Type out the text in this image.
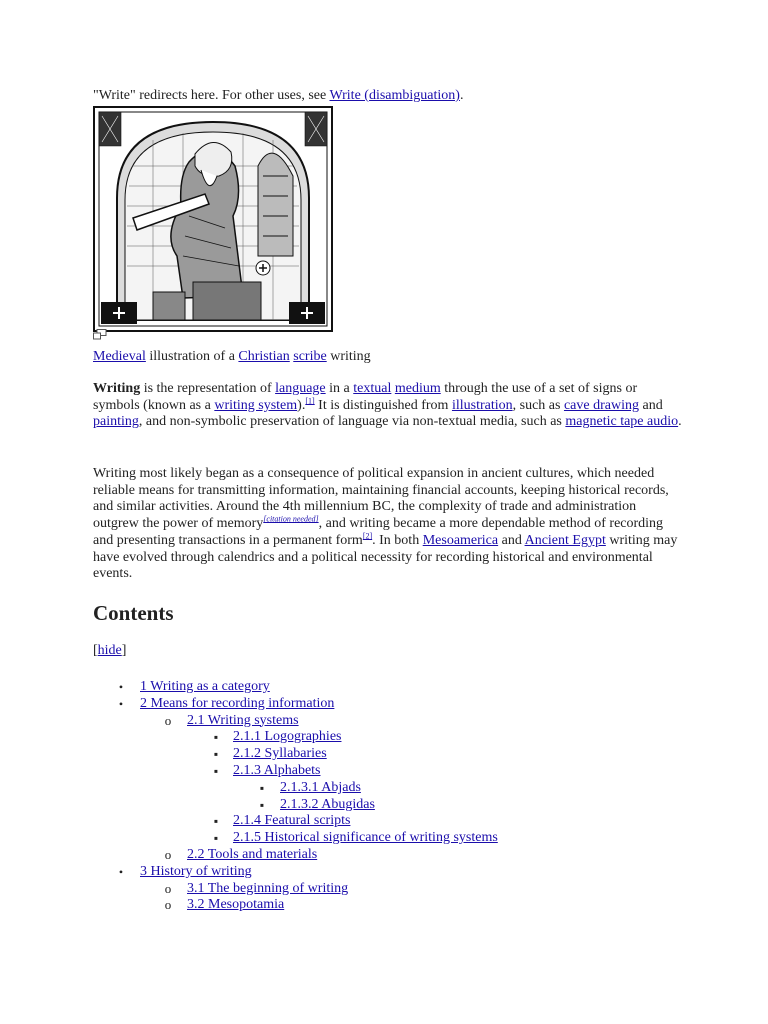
"Write" redirects here. For other uses, see Write (disambiguation).
Medieval illustration of a Christian scribe writing

Writing is the representation of language in a textual medium through the use of a set of signs or symbols (known as a writing system).[1] It is distinguished from illustration, such as cave drawing and painting, and non-symbolic preservation of language via non-textual media, such as magnetic tape audio.

Writing most likely began as a consequence of political expansion in ancient cultures, which needed reliable means for transmitting information, maintaining financial accounts, keeping historical records, and similar activities. Around the 4th millennium BC, the complexity of trade and administration outgrew the power of memory[citation needed], and writing became a more dependable method of recording and presenting transactions in a permanent form[2]. In both Mesoamerica and Ancient Egypt writing may have evolved through calendrics and a political necessity for recording historical and environmental events.

Contents
[hide]
• 1 Writing as a category
• 2 Means for recording information
o 2.1 Writing systems
▪ 2.1.1 Logographies
▪ 2.1.2 Syllabaries
▪ 2.1.3 Alphabets
▪ 2.1.3.1 Abjads
▪ 2.1.3.2 Abugidas
▪ 2.1.4 Featural scripts
▪ 2.1.5 Historical significance of writing systems
o 2.2 Tools and materials
• 3 History of writing
o 3.1 The beginning of writing
o 3.2 Mesopotamia
